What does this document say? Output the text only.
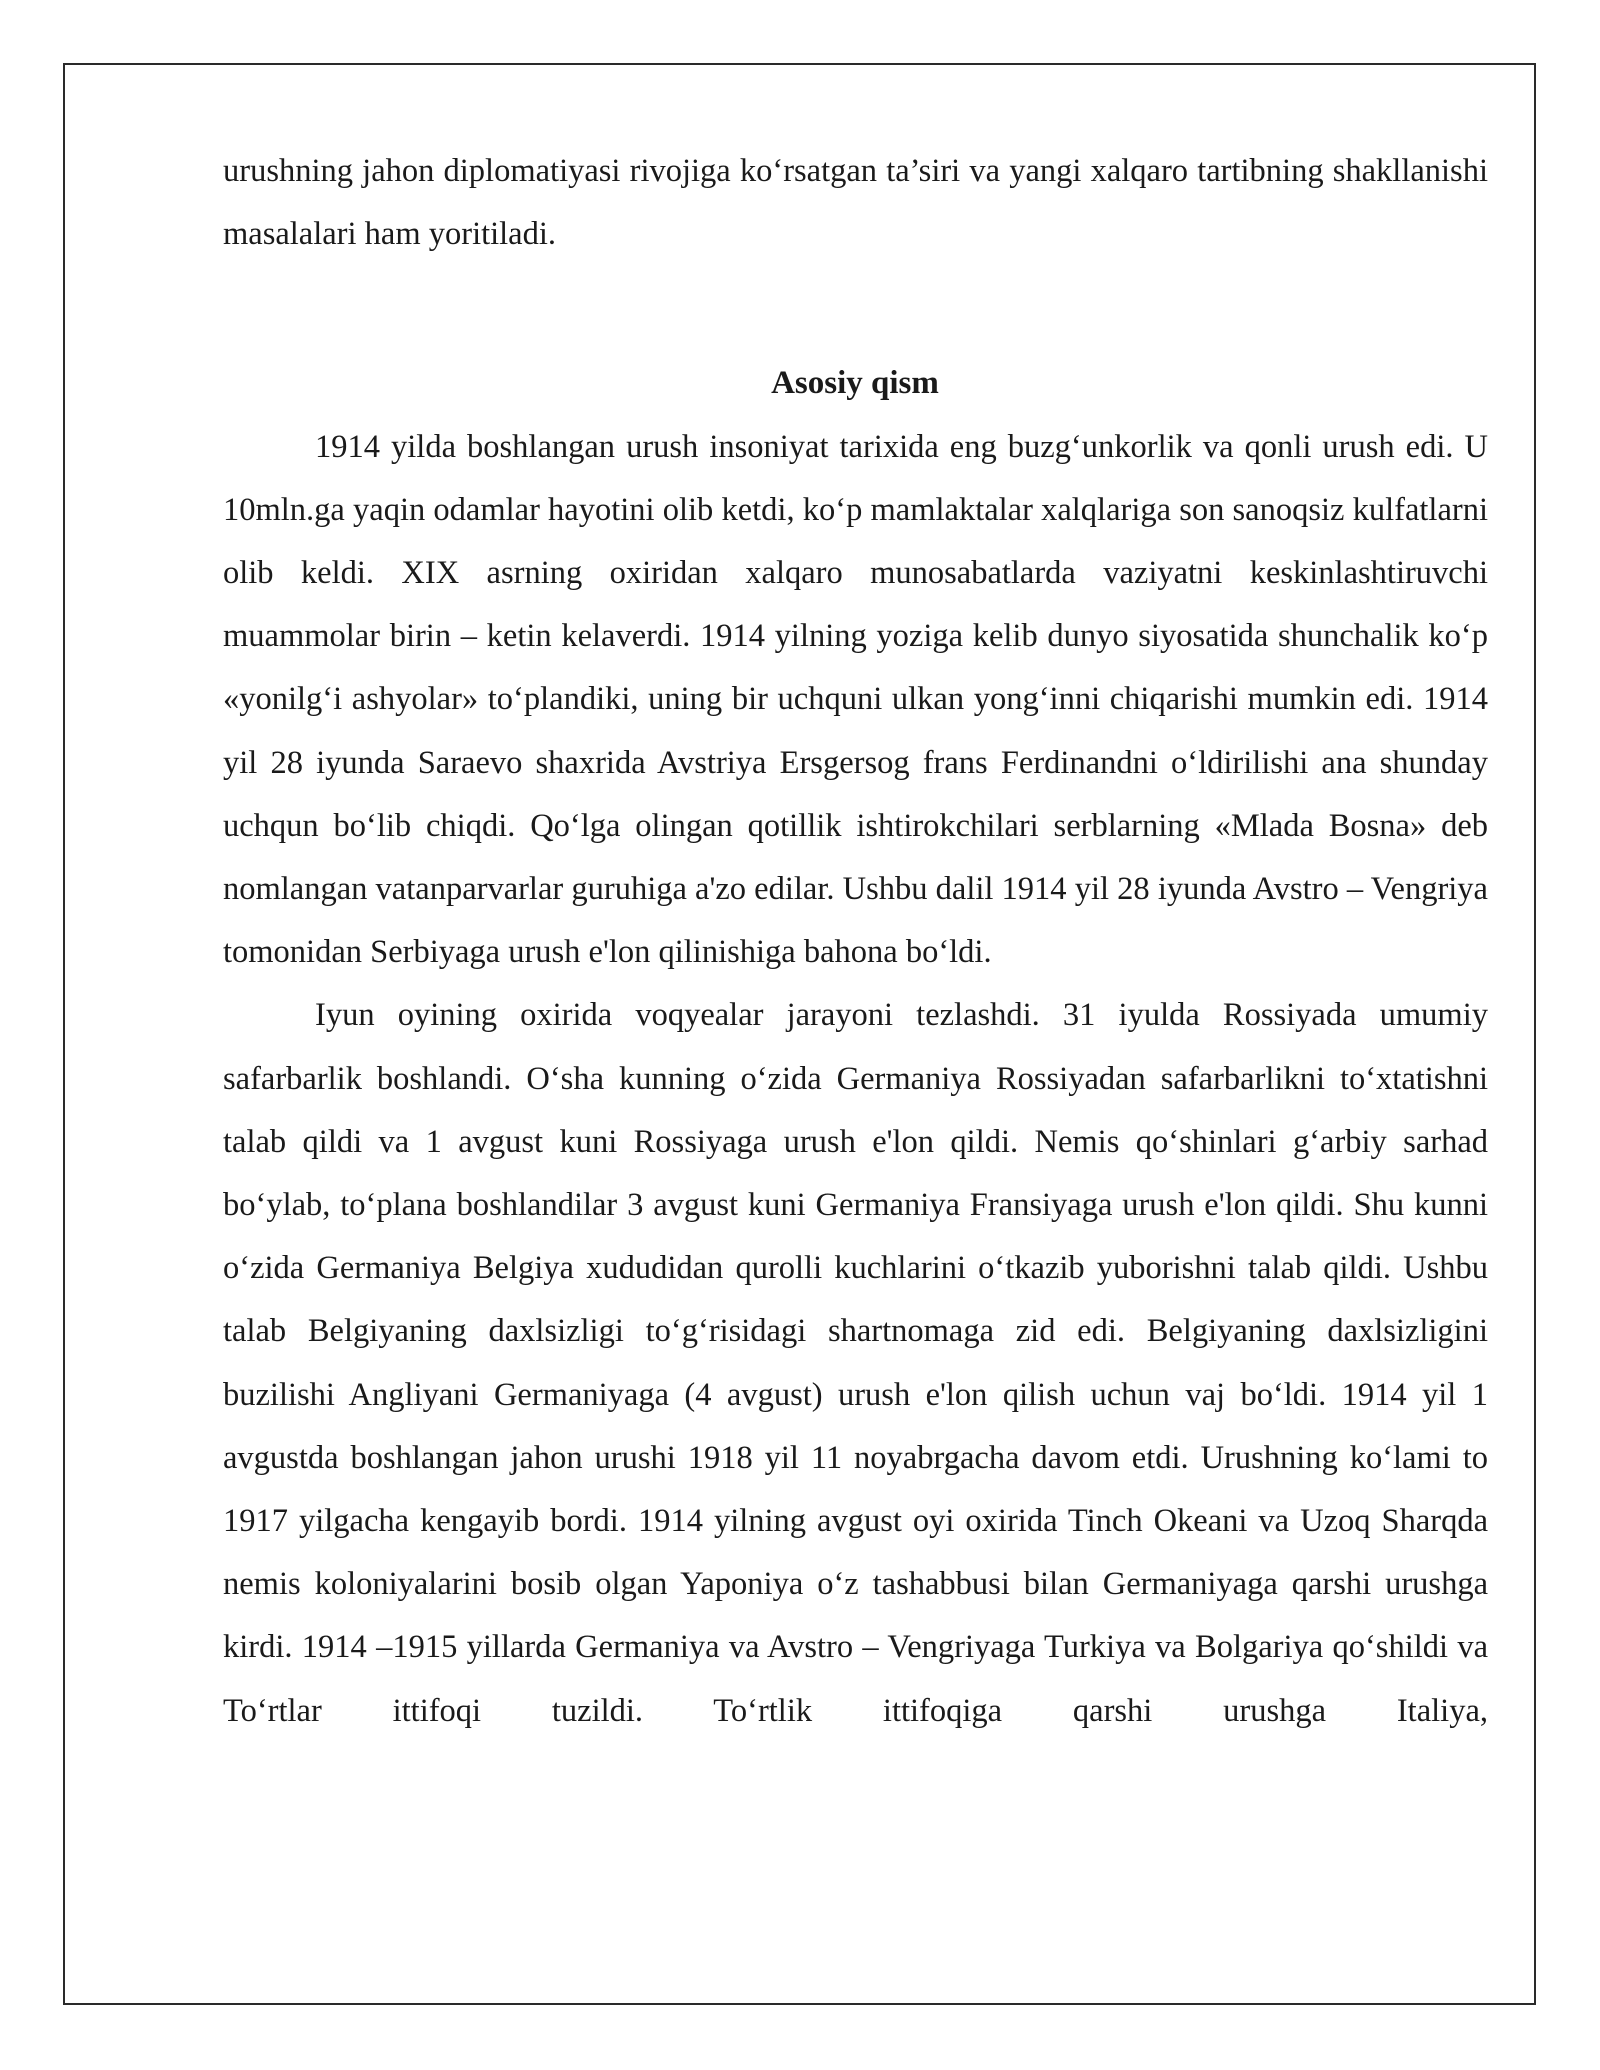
urushning jahon diplomatiyasi rivojiga ko‘rsatgan ta’siri va yangi xalqaro tartibning shakllanishi masalalari ham yoritiladi.

Asosiy qism

1914 yilda boshlangan urush insoniyat tarixida eng buzg‘unkorlik va qonli urush edi. U 10mln.ga yaqin odamlar hayotini olib ketdi, ko‘p mamlaktalar xalqlariga son sanoqsiz kulfatlarni olib keldi. XIX asrning oxiridan xalqaro munosabatlarda vaziyatni keskinlashtiruvchi muammolar birin – ketin kelaverdi. 1914 yilning yoziga kelib dunyo siyosatida shunchalik ko‘p «yonilg‘i ashyolar» to‘plandiki, uning bir uchquni ulkan yong‘inni chiqarishi mumkin edi. 1914 yil 28 iyunda Saraevo shaxrida Avstriya Ersgersog frans Ferdinandni o‘ldirilishi ana shunday uchqun bo‘lib chiqdi. Qo‘lga olingan qotillik ishtirokchilari serblarning «Mlada Bosna» deb nomlangan vatanparvarlar guruhiga a'zo edilar. Ushbu dalil 1914 yil 28 iyunda Avstro – Vengriya tomonidan Serbiyaga urush e'lon qilinishiga bahona bo‘ldi.

Iyun oyining oxirida voqyealar jarayoni tezlashdi. 31 iyulda Rossiyada umumiy safarbarlik boshlandi. O‘sha kunning o‘zida Germaniya Rossiyadan safarbarlikni to‘xtatishni talab qildi va 1 avgust kuni Rossiyaga urush e'lon qildi. Nemis qo‘shinlari g‘arbiy sarhad bo‘ylab, to‘plana boshlandilar 3 avgust kuni Germaniya Fransiyaga urush e'lon qildi. Shu kunni o‘zida Germaniya Belgiya xududidan qurolli kuchlarini o‘tkazib yuborishni talab qildi. Ushbu talab Belgiyaning daxlsizligi to‘g‘risidagi shartnomaga zid edi. Belgiyaning daxlsizligini buzilishi Angliyani Germaniyaga (4 avgust) urush e'lon qilish uchun vaj bo‘ldi. 1914 yil 1 avgustda boshlangan jahon urushi 1918 yil 11 noyabrgacha davom etdi. Urushning ko‘lami to 1917 yilgacha kengayib bordi. 1914 yilning avgust oyi oxirida Tinch Okeani va Uzoq Sharqda nemis koloniyalarini bosib olgan Yaponiya o‘z tashabbusi bilan Germaniyaga qarshi urushga kirdi. 1914 –1915 yillarda Germaniya va Avstro – Vengriyaga Turkiya va Bolgariya qo‘shildi va To‘rtlar ittifoqi tuzildi. To‘rtlik ittifoqiga qarshi urushga Italiya,
